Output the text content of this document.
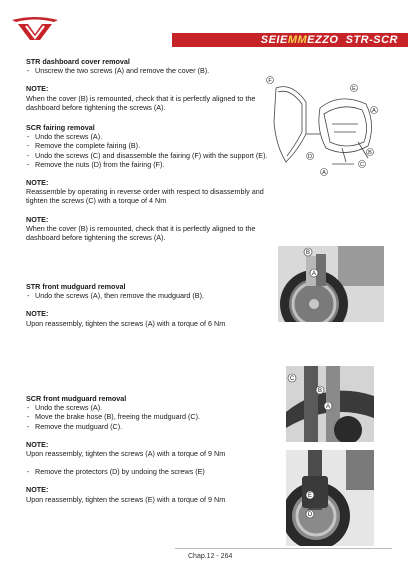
SEIEMMEZZO STR-SCR
STR dashboard cover removal
- Unscrew the two screws (A) and remove the cover (B).
NOTE:

When the cover (B) is remounted, check that it is perfectly aligned to the dashboard before tightening the screws (A).

SCR fairing removal
- Undo the screws (A).
- Remove the complete fairing (B).
- Undo the screws (C) and disassemble the fairing (F) with the support (E).
- Remove the nuts (D) from the fairing (F).
NOTE:

Reassemble by operating in reverse order with respect to disassembly and tighten the screws (C) with a torque of 4 Nm

NOTE:

When the cover (B) is remounted, check that it is perfectly aligned to the dashboard before tightening the screws (A).

STR front mudguard removal
- Undo the screws (A), then remove the mudguard (B).
NOTE:

Upon reassembly, tighten the screws (A) with a torque of 6 Nm

SCR front mudguard removal
- Undo the screws (A).
- Move the brake hose (B), freeing the mudguard (C).
- Remove the mudguard (C).
NOTE:

Upon reassembly, tighten the screws (A) with a torque of 9 Nm

- Remove the protectors (D) by undoing the screws (E)
NOTE:

Upon reassembly, tighten the screws (E) with a torque of 9 Nm

F
E
A
B
C
D
A
B
A
C
B
A
E
D
Chap.12 - 264
